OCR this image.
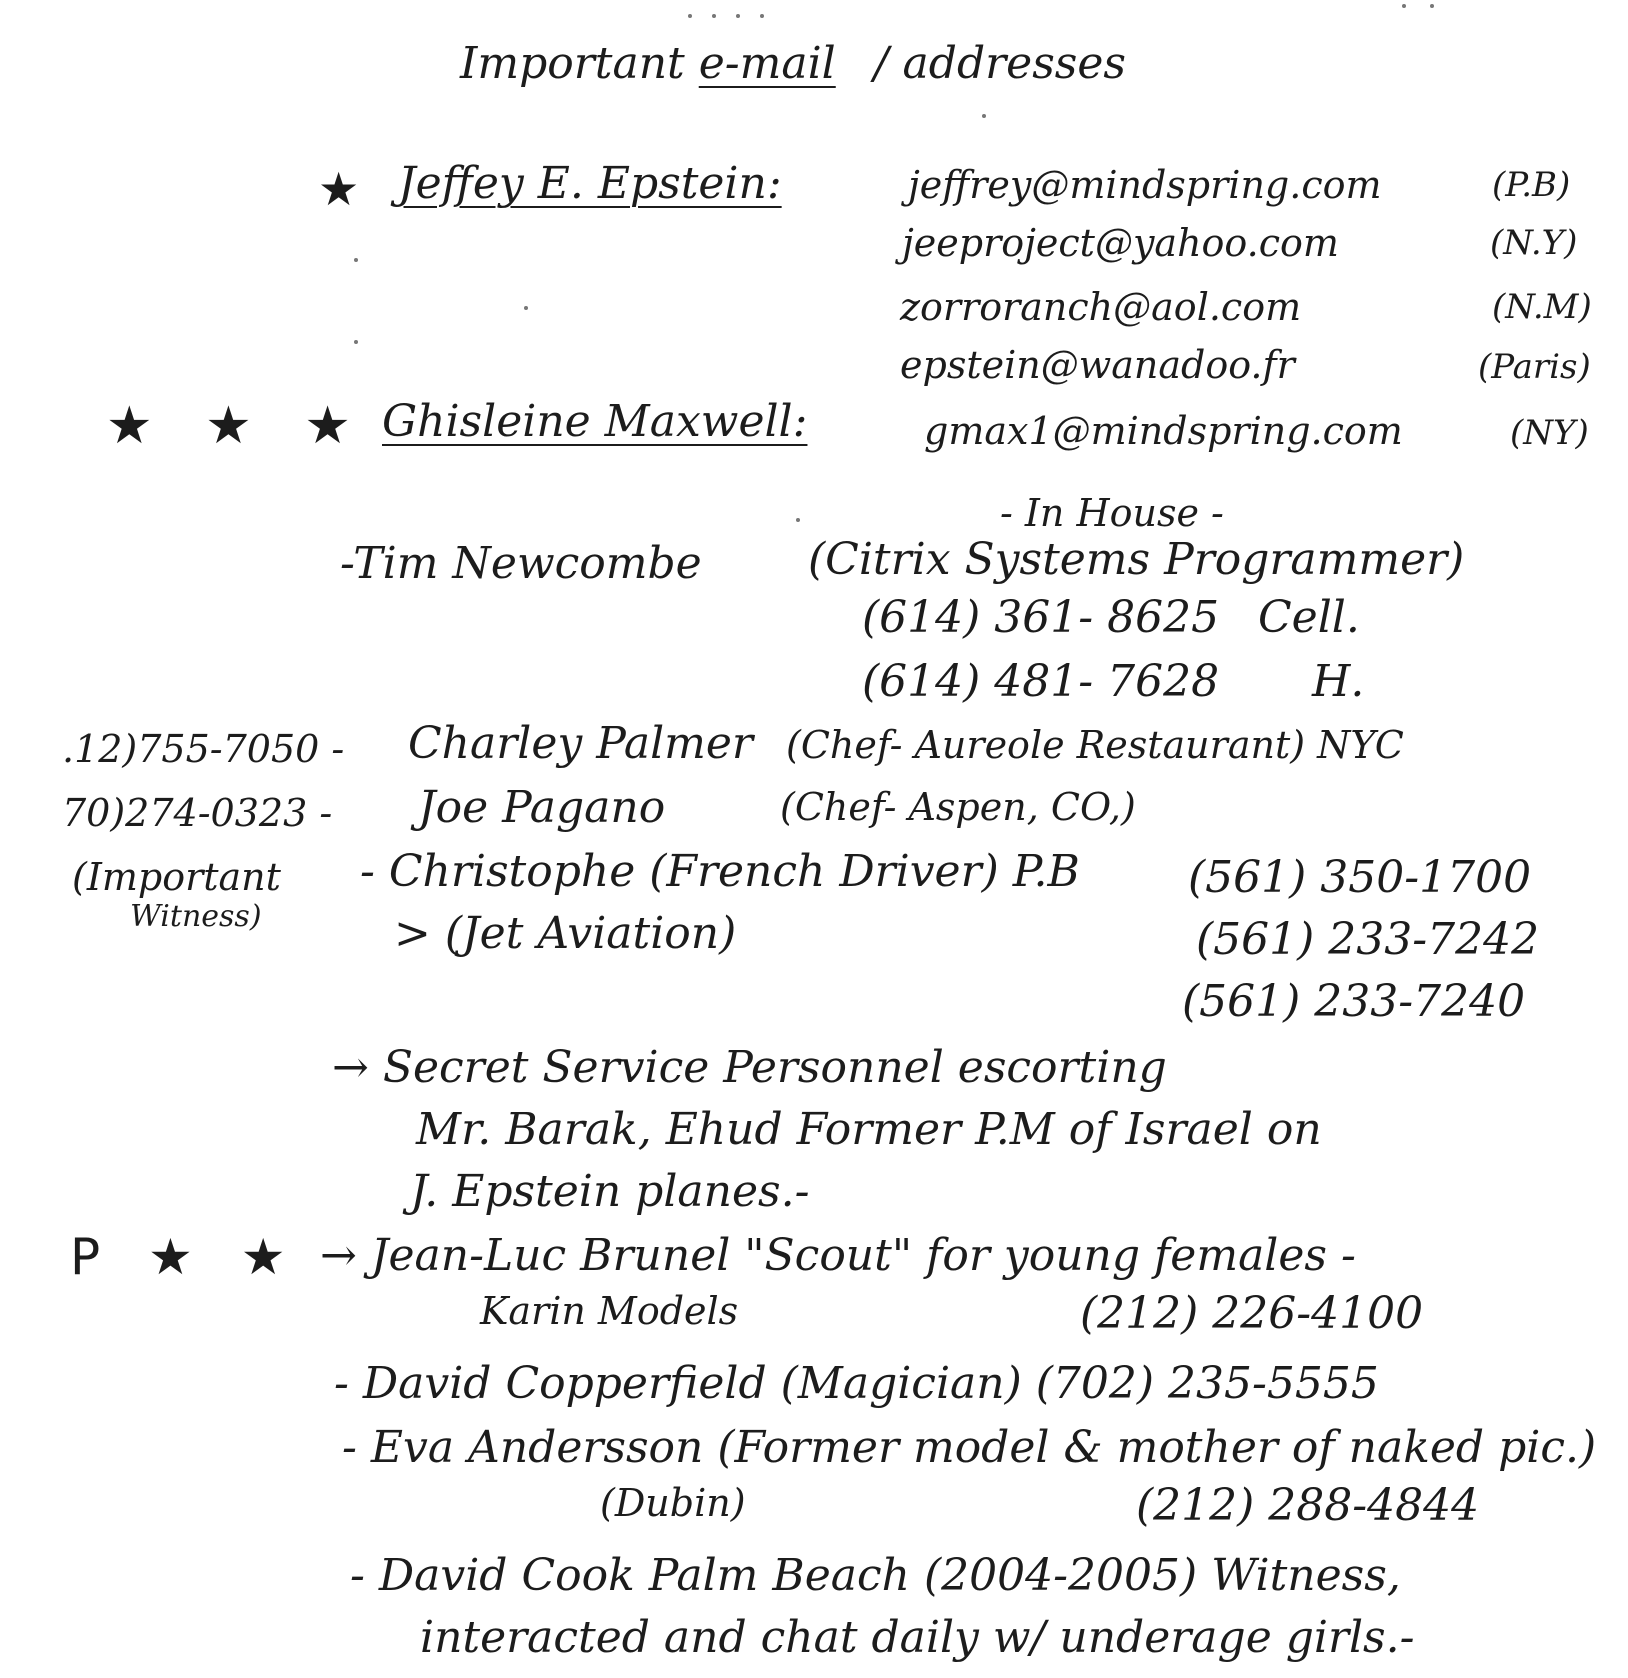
Important e-mail / addresses
★ Jeffey E. Epstein:	jeffrey@mindspring.com	(P.B)
jeeproject@yahoo.com	(N.Y)
zorroranch@aol.com	(N.M)
epstein@wanadoo.fr	(Paris)
★ ★ ★ Ghisleine Maxwell:	gmax1@mindspring.com	(NY)
- In House -
-Tim Newcombe (Citrix Systems Programmer)
(614) 361- 8625 Cell.
(614) 481- 7628 H.
.12)755-7050 - Charley Palmer (Chef- Aureole Restaurant) NYC
70)274-0323 - Joe Pagano	(Chef- Aspen, CO,)
(Important
Witness)
- Christophe (French Driver) P.B
> (Jet Aviation)
(561) 350-1700
(561) 233-7242
(561) 233-7240
→ Secret Service Personnel escorting
Mr. Barak, Ehud Former P.M of Israel on
J. Epstein planes.-
P ★ ★ → Jean-Luc Brunel "Scout" for young females -
Karin Models	(212) 226-4100
- David Copperfield (Magician) (702) 235-5555
- Eva Andersson (Former model & mother of naked pic.)
(Dubin)	(212) 288-4844
- David Cook Palm Beach (2004-2005) Witness,
interacted and chat daily w/ underage girls.-
